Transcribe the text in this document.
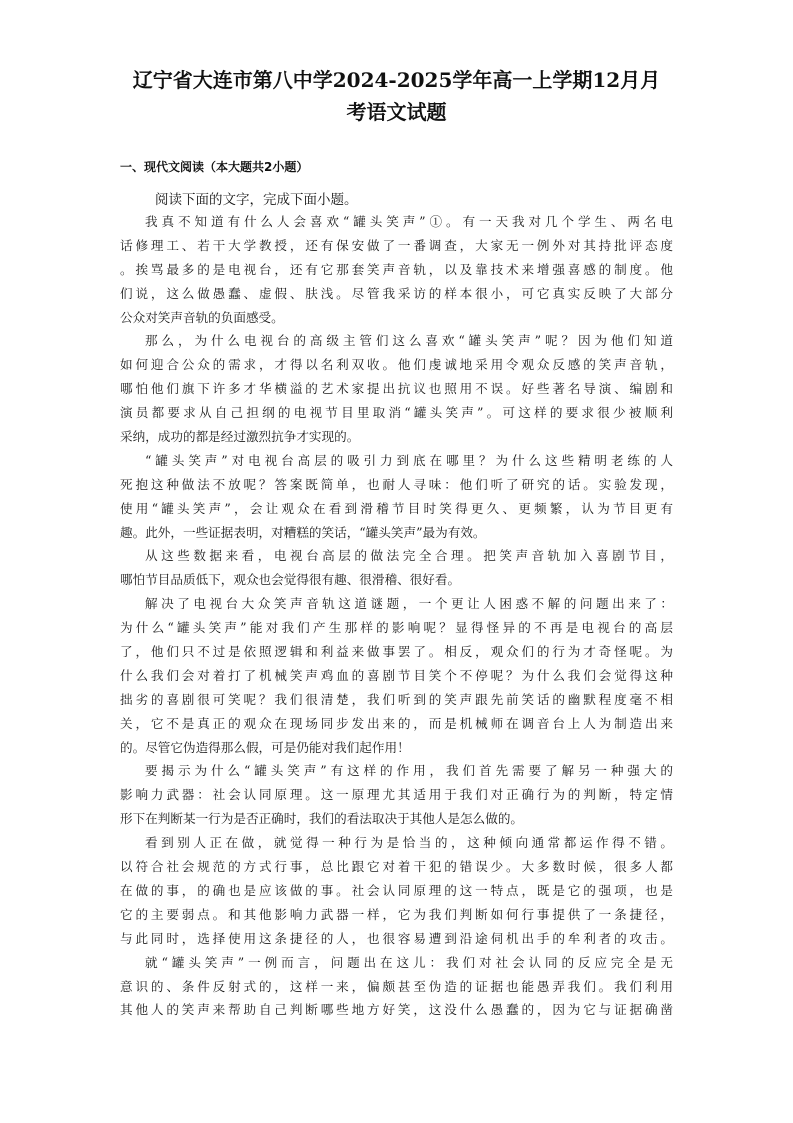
辽宁省大连市第八中学2024-2025学年高一上学期12月月
考语文试题

一、现代文阅读（本大题共2小题）

阅读下面的文字，完成下面小题。

我真不知道有什么人会喜欢“罐头笑声”①。有一天我对几个学生、两名电
话修理工、若干大学教授，还有保安做了一番调查，大家无一例外对其持批评态度
。挨骂最多的是电视台，还有它那套笑声音轨，以及靠技术来增强喜感的制度。他
们说，这么做愚蠢、虚假、肤浅。尽管我采访的样本很小，可它真实反映了大部分
公众对笑声音轨的负面感受。
那么，为什么电视台的高级主管们这么喜欢“罐头笑声”呢？因为他们知道
如何迎合公众的需求，才得以名利双收。他们虔诚地采用令观众反感的笑声音轨，
哪怕他们旗下许多才华横溢的艺术家提出抗议也照用不误。好些著名导演、编剧和
演员都要求从自己担纲的电视节目里取消“罐头笑声”。可这样的要求很少被顺利
采纳，成功的都是经过激烈抗争才实现的。
“罐头笑声”对电视台高层的吸引力到底在哪里？为什么这些精明老练的人
死抱这种做法不放呢？答案既简单，也耐人寻味：他们听了研究的话。实验发现，
使用“罐头笑声”，会让观众在看到滑稽节目时笑得更久、更频繁，认为节目更有
趣。此外，一些证据表明，对糟糕的笑话，“罐头笑声”最为有效。
从这些数据来看，电视台高层的做法完全合理。把笑声音轨加入喜剧节目，
哪怕节目品质低下，观众也会觉得很有趣、很滑稽、很好看。
解决了电视台大众笑声音轨这道谜题，一个更让人困惑不解的问题出来了：
为什么“罐头笑声”能对我们产生那样的影响呢？显得怪异的不再是电视台的高层
了，他们只不过是依照逻辑和利益来做事罢了。相反，观众们的行为才奇怪呢。为
什么我们会对着打了机械笑声鸡血的喜剧节目笑个不停呢？为什么我们会觉得这种
拙劣的喜剧很可笑呢？我们很清楚，我们听到的笑声跟先前笑话的幽默程度毫不相
关，它不是真正的观众在现场同步发出来的，而是机械师在调音台上人为制造出来
的。尽管它伪造得那么假，可是仍能对我们起作用！
要揭示为什么“罐头笑声”有这样的作用，我们首先需要了解另一种强大的
影响力武器：社会认同原理。这一原理尤其适用于我们对正确行为的判断，特定情
形下在判断某一行为是否正确时，我们的看法取决于其他人是怎么做的。
看到别人正在做，就觉得一种行为是恰当的，这种倾向通常都运作得不错。
以符合社会规范的方式行事，总比跟它对着干犯的错误少。大多数时候，很多人都
在做的事，的确也是应该做的事。社会认同原理的这一特点，既是它的强项，也是
它的主要弱点。和其他影响力武器一样，它为我们判断如何行事提供了一条捷径，
与此同时，选择使用这条捷径的人，也很容易遭到沿途伺机出手的牟利者的攻击。
就“罐头笑声”一例而言，问题出在这儿：我们对社会认同的反应完全是无
意识的、条件反射式的，这样一来，偏颇甚至伪造的证据也能愚弄我们。我们利用
其他人的笑声来帮助自己判断哪些地方好笑，这没什么愚蠢的，因为它与证据确凿
